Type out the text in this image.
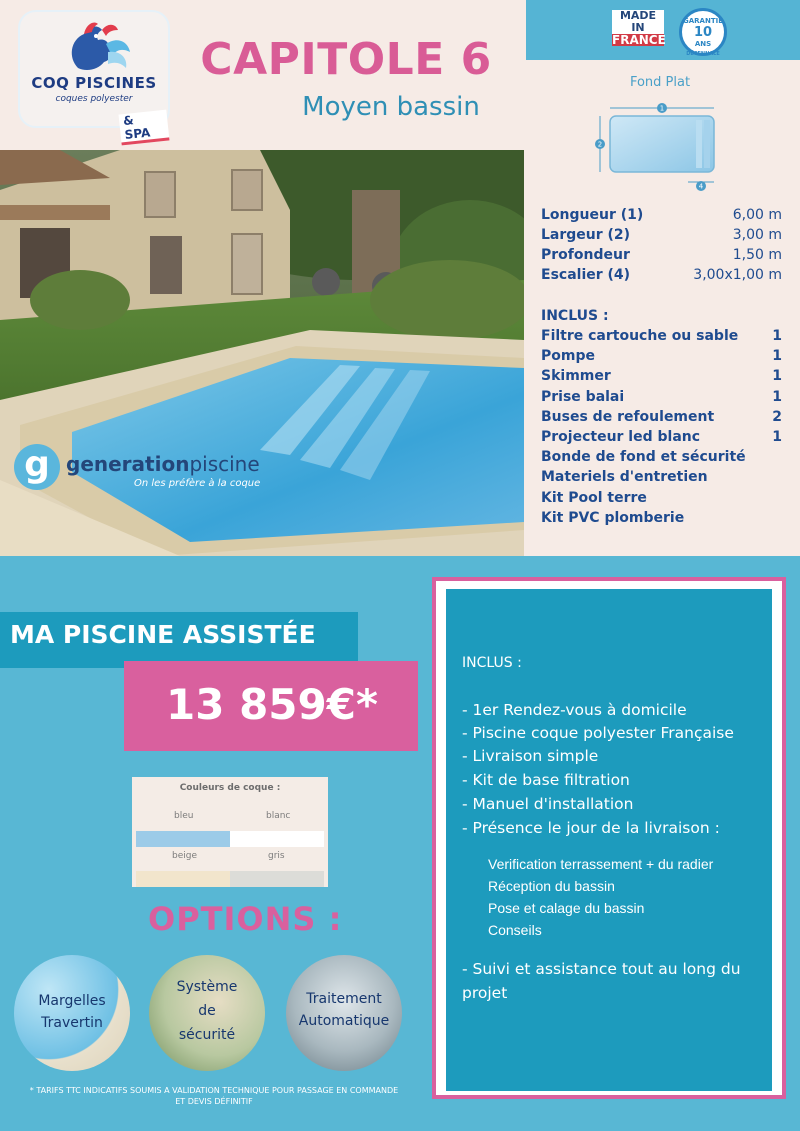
COQ PISCINES
coques polyester
& SPA
CAPITOLE 6
Moyen bassin
MADE IN
FRANCE
GARANTIE
10
ANS
DÉCENNALE
Fond Plat
1
2
4
Longueur (1)	6,00 m
Largeur (2)	3,00 m
Profondeur	1,50 m
Escalier (4)	3,00x1,00 m
INCLUS :
Filtre cartouche ou sable 1
Pompe	1
Skimmer	1
Prise balai	1
Buses de refoulement	2
Projecteur led blanc	1
Bonde de fond et sécurité
Materiels d'entretien
Kit Pool terre
Kit PVC plomberie
g generationpiscine
On les préfère à la coque
MA PISCINE ASSISTÉE
13 859€*
Couleurs de coque :
bleu	blanc
beige	gris
OPTIONS :
Margelles
Travertin
Système
de
sécurité
Traitement
Automatique
* TARIFS TTC INDICATIFS SOUMIS A VALIDATION TECHNIQUE POUR PASSAGE EN COMMANDE
ET DEVIS DÉFINITIF
INCLUS :
- 1er Rendez-vous à domicile
- Piscine coque polyester Française
- Livraison simple
- Kit de base filtration
- Manuel d'installation
- Présence le jour de la livraison :
Verification terrassement + du radier
Réception du bassin
Pose et calage du bassin
Conseils
- Suivi et assistance tout au long du
projet
